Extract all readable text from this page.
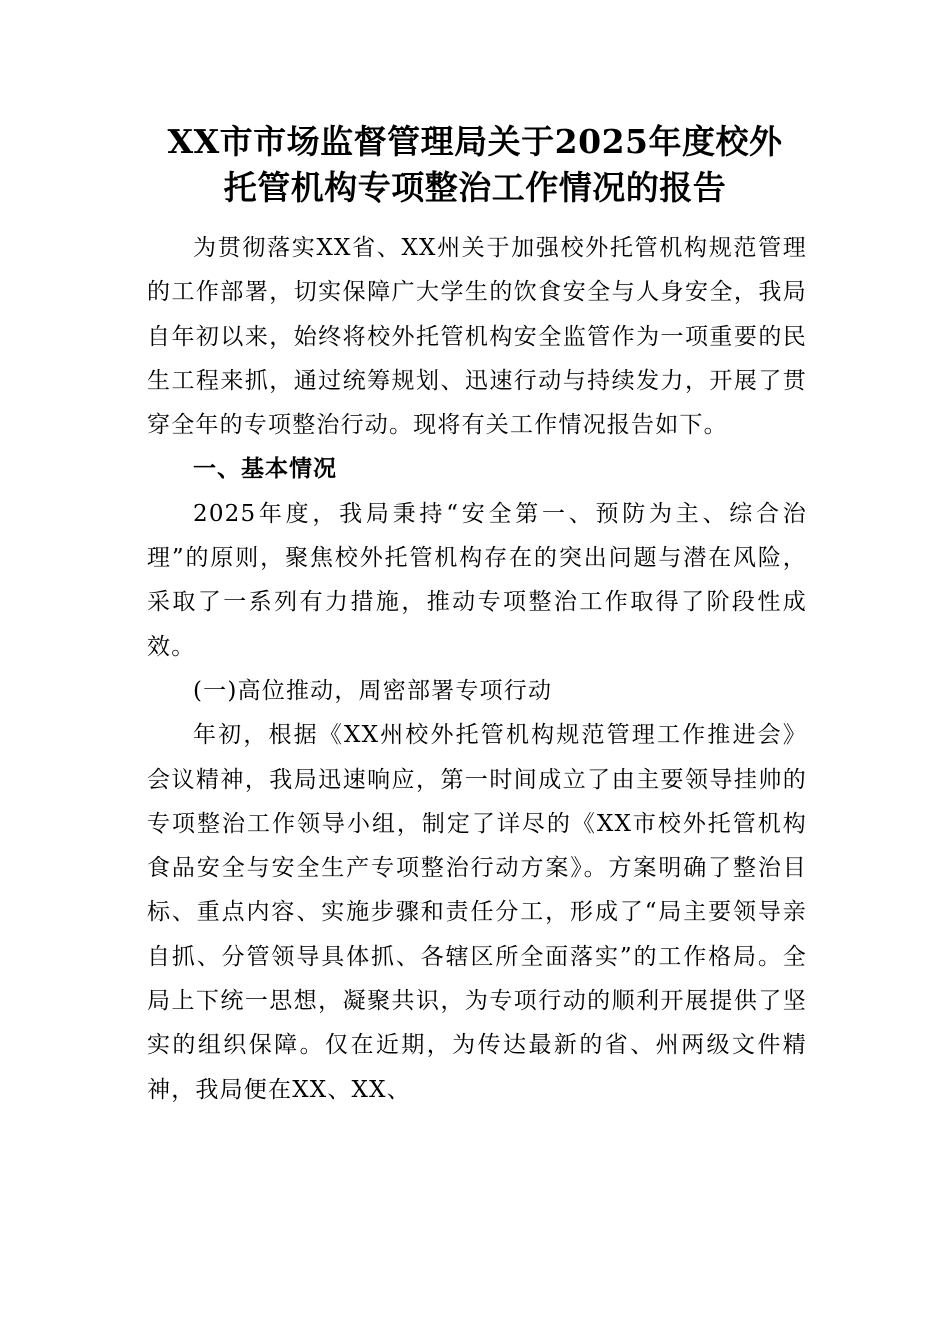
XX市市场监督管理局关于2025年度校外
托管机构专项整治工作情况的报告

为贯彻落实XX省、XX州关于加强校外托管机构规范管理的工作部署，切实保障广大学生的饮食安全与人身安全，我局自年初以来，始终将校外托管机构安全监管作为一项重要的民生工程来抓，通过统筹规划、迅速行动与持续发力，开展了贯穿全年的专项整治行动。现将有关工作情况报告如下。

一、基本情况

2025年度，我局秉持“安全第一、预防为主、综合治理”的原则，聚焦校外托管机构存在的突出问题与潜在风险，采取了一系列有力措施，推动专项整治工作取得了阶段性成效。

(一)高位推动，周密部署专项行动

年初，根据《XX州校外托管机构规范管理工作推进会》会议精神，我局迅速响应，第一时间成立了由主要领导挂帅的专项整治工作领导小组，制定了详尽的《XX市校外托管机构食品安全与安全生产专项整治行动方案》。方案明确了整治目标、重点内容、实施步骤和责任分工，形成了“局主要领导亲自抓、分管领导具体抓、各辖区所全面落实”的工作格局。全局上下统一思想，凝聚共识，为专项行动的顺利开展提供了坚实的组织保障。仅在近期，为传达最新的省、州两级文件精神，我局便在XX、XX、
